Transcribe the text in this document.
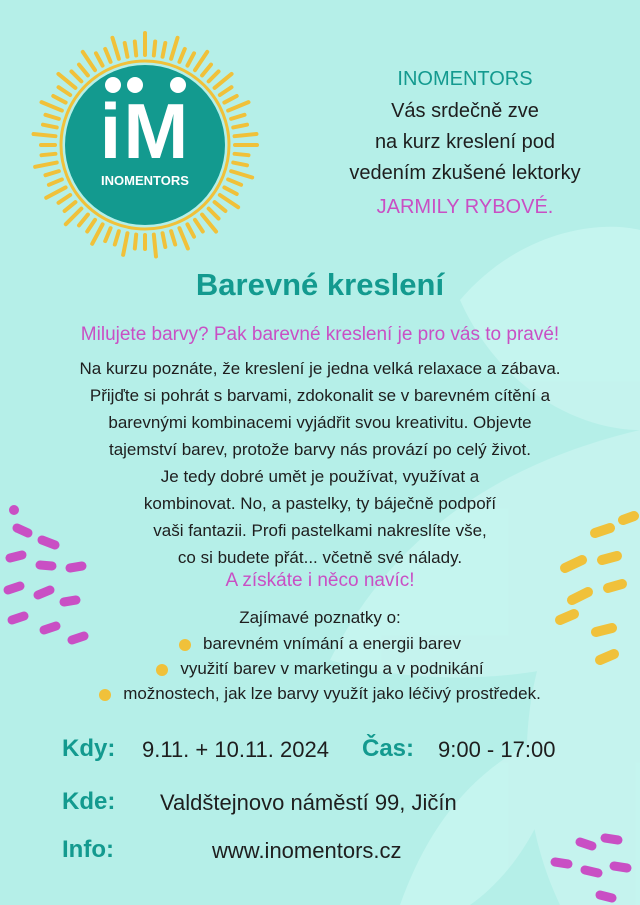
iM
INOMENTORS
INOMENTORS
Vás srdečně zve
na kurz kreslení pod
vedením zkušené lektorky
JARMILY RYBOVÉ.
Barevné kreslení
Milujete barvy? Pak barevné kreslení je pro vás to pravé!
Na kurzu poznáte, že kreslení je jedna velká relaxace a zábava.
Přijďte si pohrát s barvami, zdokonalit se v barevném cítění a
barevnými kombinacemi vyjádřit svou kreativitu. Objevte
tajemství barev, protože barvy nás provází po celý život.
Je tedy dobré umět je používat, využívat a
kombinovat. No, a pastelky, ty báječně podpoří
vaši fantazii. Profi pastelkami nakreslíte vše,
co si budete přát... včetně své nálady.
A získáte i něco navíc!
Zajímavé poznatky o:
barevném vnímání a energii barev
využití barev v marketingu a v podnikání
možnostech, jak lze barvy využít jako léčivý prostředek.
Kdy: 9.11. + 10.11. 2024 Čas: 9:00 - 17:00
Kde: Valdštejnovo náměstí 99, Jičín
Info:	www.inomentors.cz
